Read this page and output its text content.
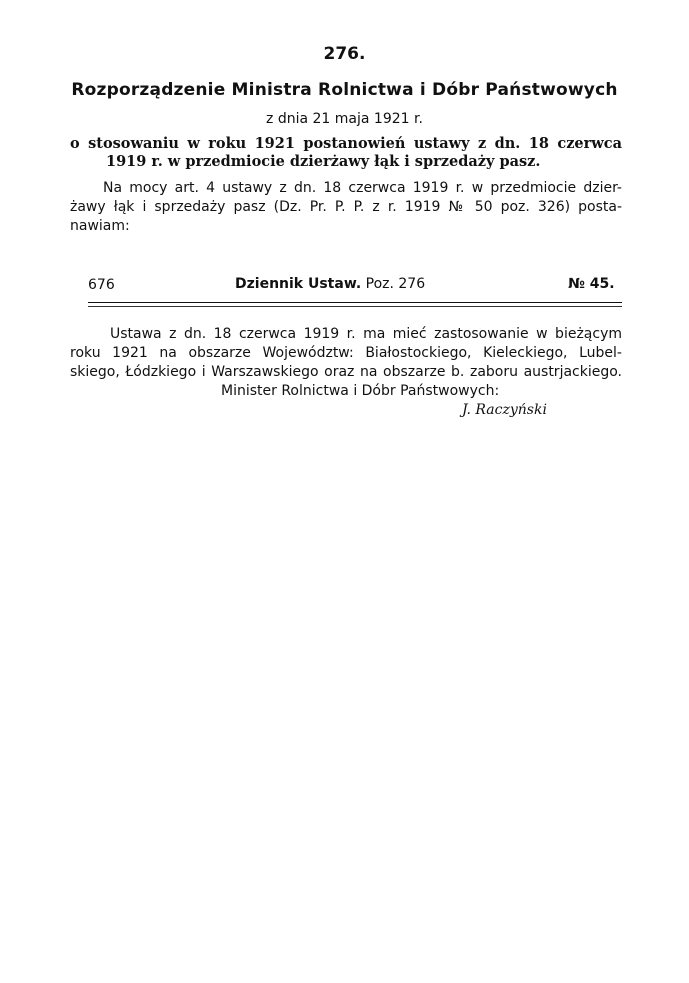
276.
Rozporządzenie Ministra Rolnictwa i Dóbr Państwowych
z dnia 21 maja 1921 r.
o stosowaniu w roku 1921 postanowień ustawy z dn. 18 czerwca
1919 r. w przedmiocie dzierżawy łąk i sprzedaży pasz.
Na mocy art. 4 ustawy z dn. 18 czerwca 1919 r. w przedmiocie dzier-
żawy łąk i sprzedaży pasz (Dz. Pr. P. P. z r. 1919 № 50 poz. 326) posta-
nawiam:
676	Dziennik Ustaw. Poz. 276	№ 45.
Ustawa z dn. 18 czerwca 1919 r. ma mieć zastosowanie w bieżącym
roku 1921 na obszarze Województw: Białostockiego, Kieleckiego, Lubel-
skiego, Łódzkiego i Warszawskiego oraz na obszarze b. zaboru austrjackiego.
Minister Rolnictwa i Dóbr Państwowych:
J. Raczyński
